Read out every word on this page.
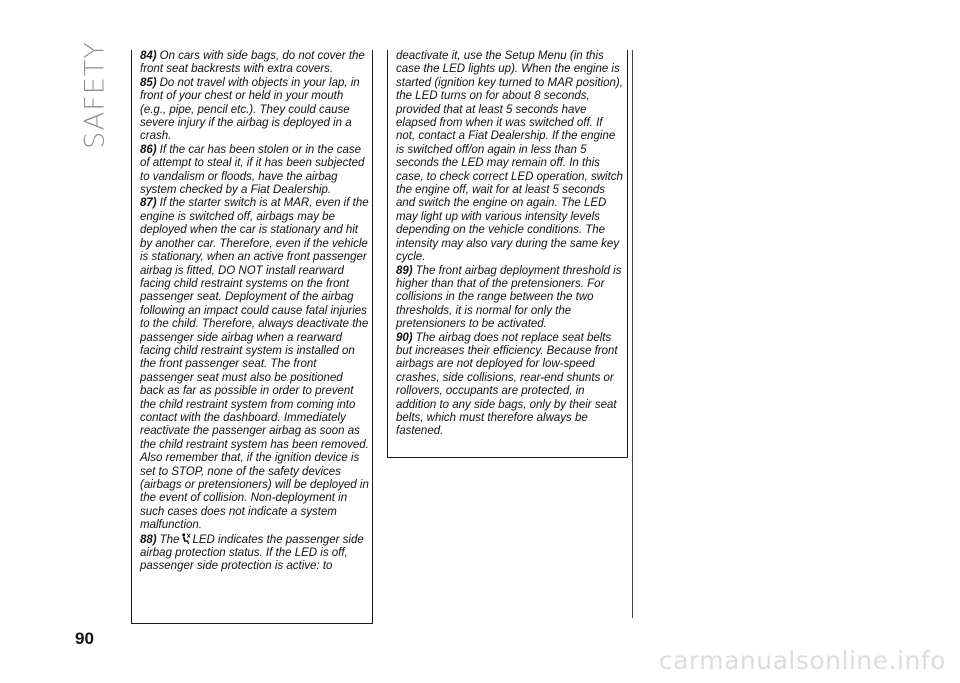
SAFETY	84) On cars with side bags, do not cover the front seat backrests with extra covers.

85) Do not travel with objects in your lap, in front of your chest or held in your mouth (e.g., pipe, pencil etc.). They could cause severe injury if the airbag is deployed in a crash.

86) If the car has been stolen or in the case of attempt to steal it, if it has been subjected to vandalism or floods, have the airbag system checked by a Fiat Dealership.

87) If the starter switch is at MAR, even if the engine is switched off, airbags may be deployed when the car is stationary and hit by another car. Therefore, even if the vehicle is stationary, when an active front passenger airbag is fitted, DO NOT install rearward facing child restraint systems on the front passenger seat. Deployment of the airbag following an impact could cause fatal injuries to the child. Therefore, always deactivate the passenger side airbag when a rearward facing child restraint system is installed on the front passenger seat. The front passenger seat must also be positioned back as far as possible in order to prevent the child restraint system from coming into contact with the dashboard. Immediately reactivate the passenger airbag as soon as the child restraint system has been removed. Also remember that, if the ignition device is set to STOP, none of the safety devices (airbags or pretensioners) will be deployed in the event of collision. Non-deployment in such cases does not indicate a system malfunction.

88) The LED indicates the passenger side airbag protection status. If the LED is off, passenger side protection is active: to

deactivate it, use the Setup Menu (in this case the LED lights up). When the engine is started (ignition key turned to MAR position), the LED turns on for about 8 seconds, provided that at least 5 seconds have elapsed from when it was switched off. If not, contact a Fiat Dealership. If the engine is switched off/on again in less than 5 seconds the LED may remain off. In this case, to check correct LED operation, switch the engine off, wait for at least 5 seconds and switch the engine on again. The LED may light up with various intensity levels depending on the vehicle conditions. The intensity may also vary during the same key cycle.

89) The front airbag deployment threshold is higher than that of the pretensioners. For collisions in the range between the two thresholds, it is normal for only the pretensioners to be activated.

90) The airbag does not replace seat belts but increases their efficiency. Because front airbags are not deployed for low-speed crashes, side collisions, rear-end shunts or rollovers, occupants are protected, in addition to any side bags, only by their seat belts, which must therefore always be fastened.

90
carmanualsonline.info
